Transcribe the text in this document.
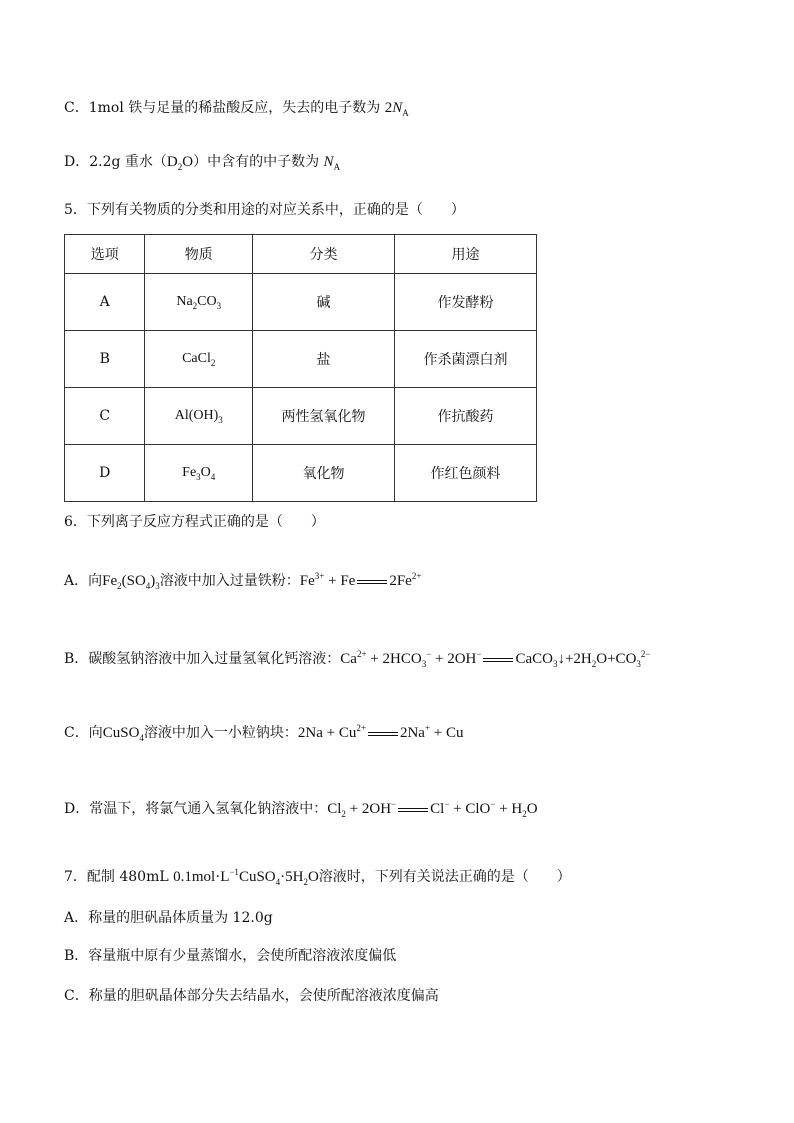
C．1mol 铁与足量的稀盐酸反应，失去的电子数为 $2N_A$
D．2.2g 重水$(D_2O)$中含有的中子数为 $N_A$
5．下列有关物质的分类和用途的对应关系中，正确的是（　　）
选项	物质	分类	用途
A	$Na_2CO_3$	碱	作发酵粉
B	CaCl$_2$	盐	作杀菌漂白剂
C	$Al(OH)_3$	两性氢氧化物	作抗酸药
D	$Fe_3O_4$	氧化物	作红色颜料
6．下列离子反应方程式正确的是（　　）
A．向$Fe_2(SO_4)_3$溶液中加入过量铁粉：$Fe^{3+} + Fe$ $2Fe^{2+}$
B．碳酸氢钠溶液中加入过量氢氧化钙溶液：$Ca^{2+} + 2HCO_3^- + 2OH^-$ $CaCO_3↓+2H_2O+CO_3^{2-}$
C．向CuSO$_4$溶液中加入一小粒钠块：$2Na + Cu^{2+}$ 2Na+ + Cu
D．常温下，将氯气通入氢氧化钠溶液中：$Cl_2 + 2OH^-$ $Cl^- + ClO^- + H_2O$
7．配制 480mL $0.1mol\cdot L^{-1}CuSO_4\cdot 5H_2O$溶液时，下列有关说法正确的是（　　）
A．称量的胆矾晶体质量为 12.0g
B．容量瓶中原有少量蒸馏水，会使所配溶液浓度偏低
C．称量的胆矾晶体部分失去结晶水，会使所配溶液浓度偏高
